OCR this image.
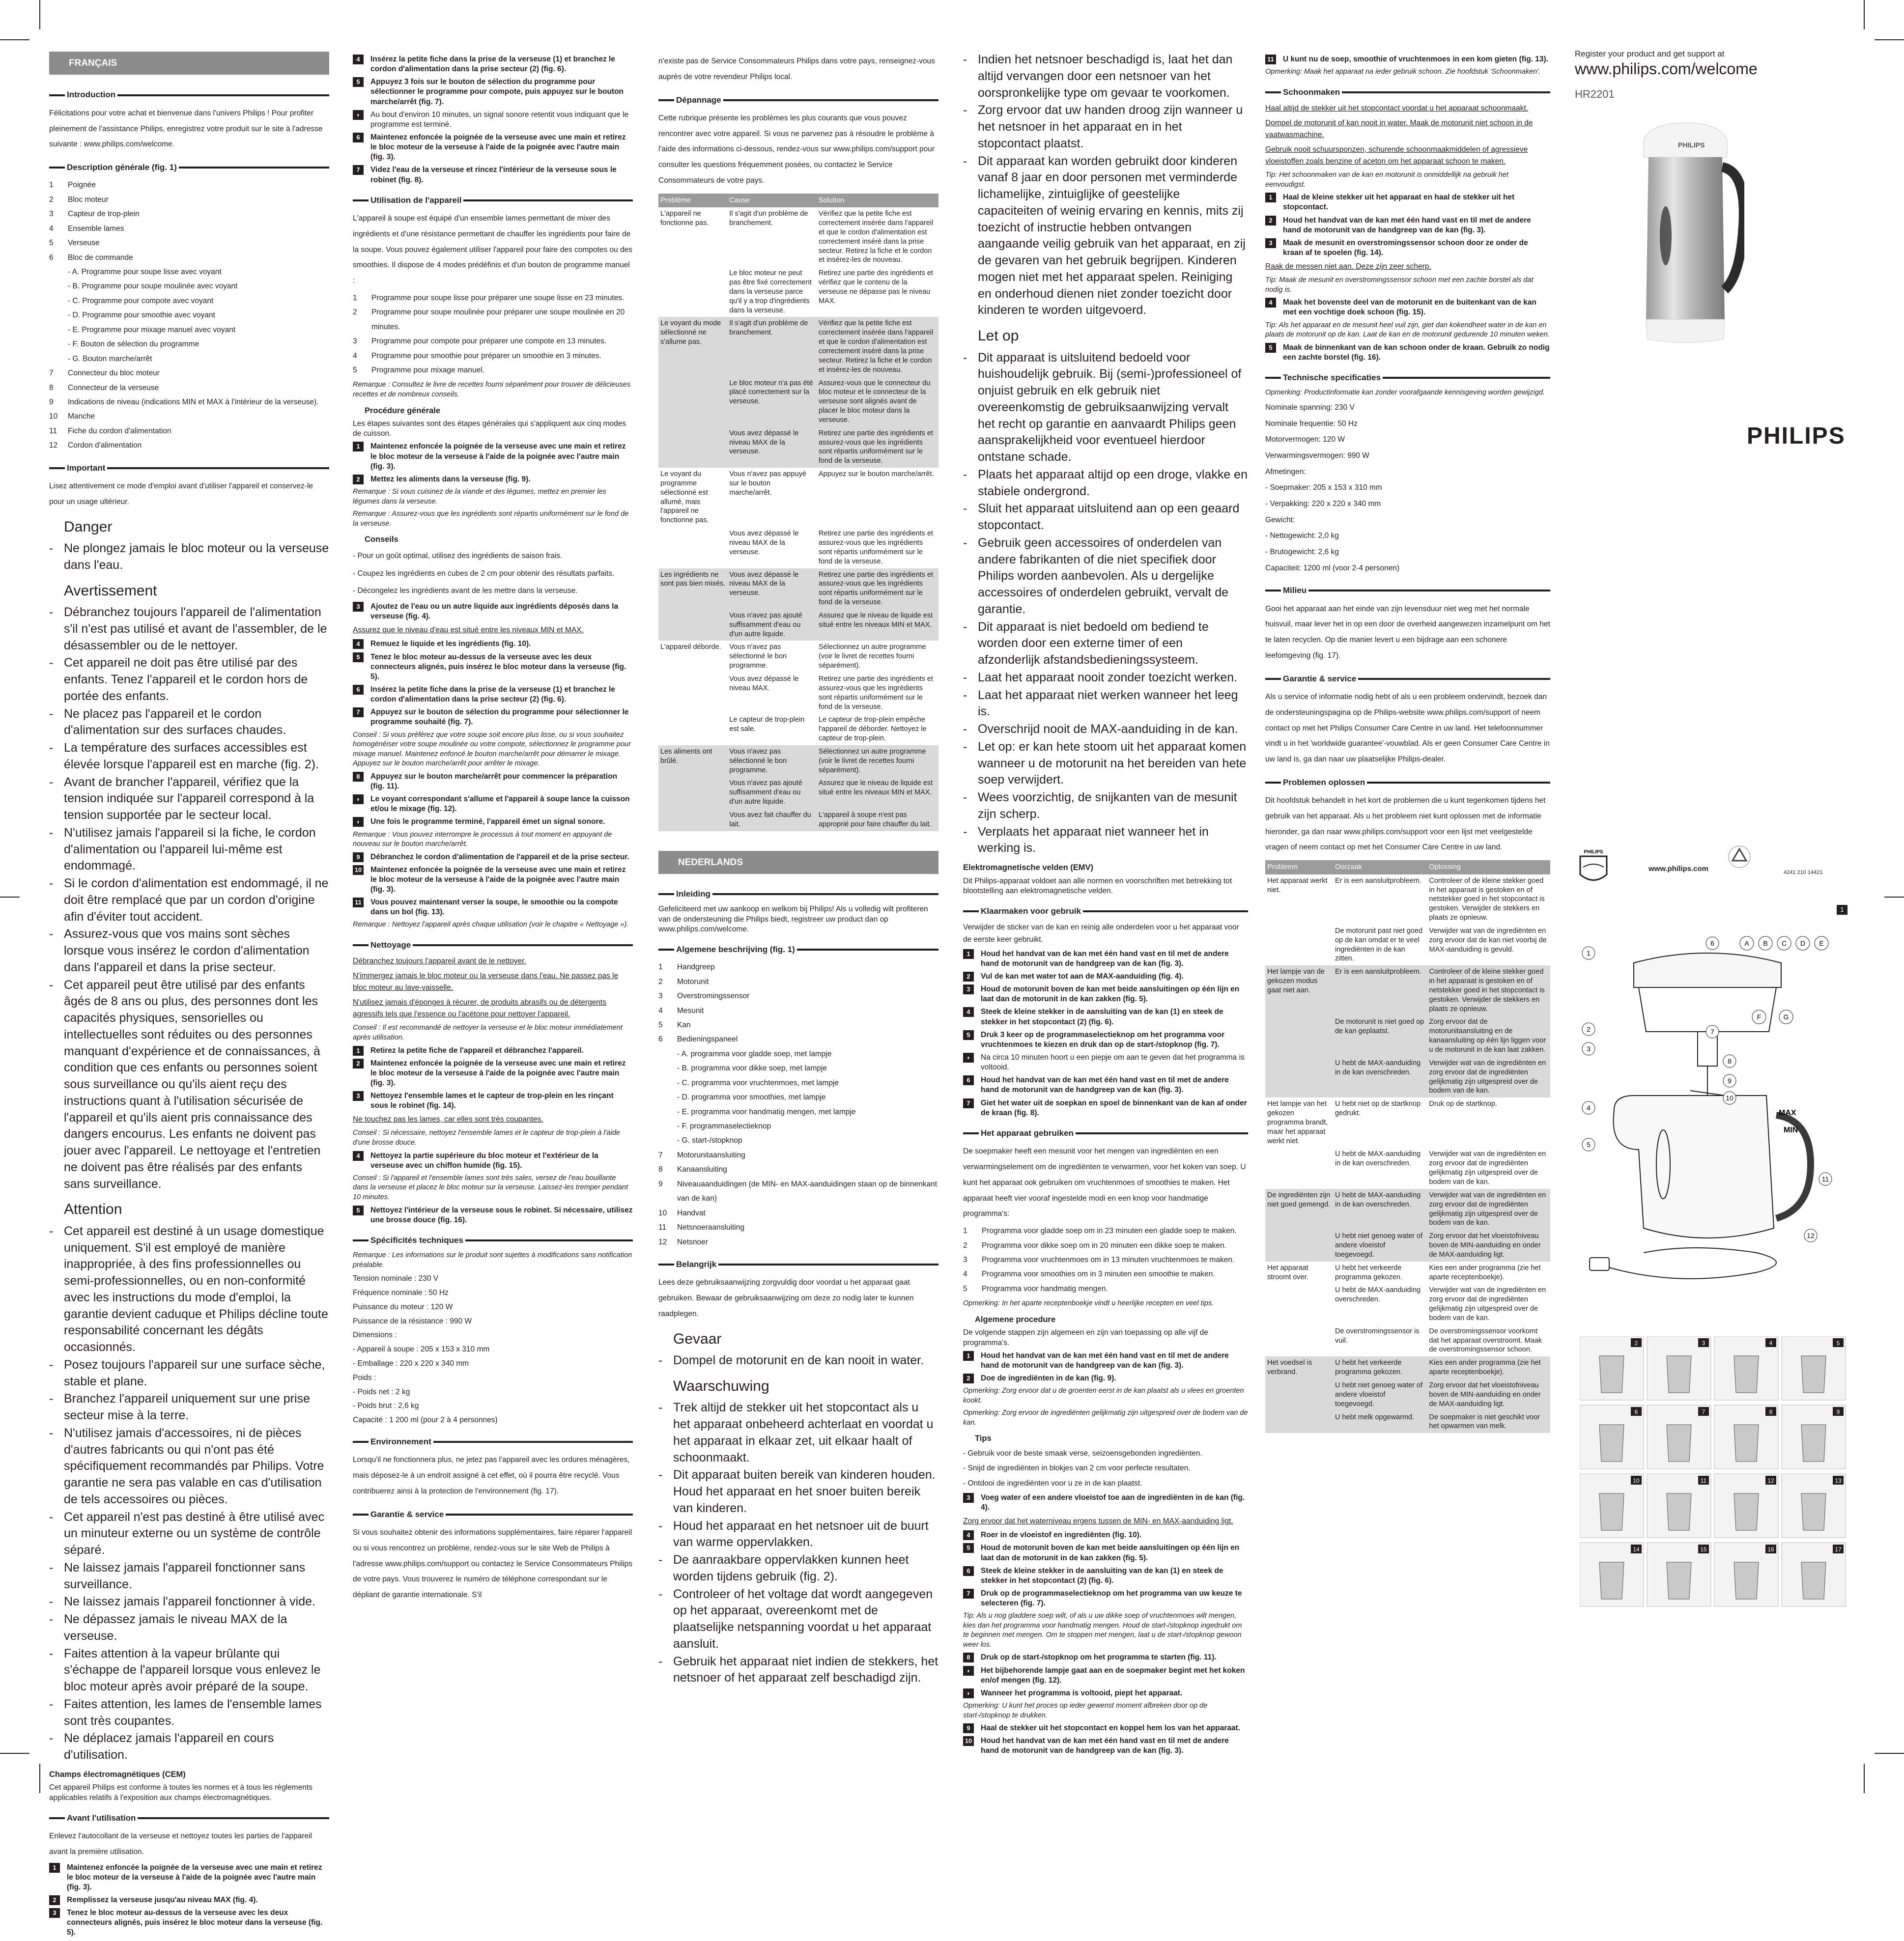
FRANÇAIS
Introduction

Félicitations pour votre achat et bienvenue dans l'univers Philips ! Pour profiter pleinement de l'assistance Philips, enregistrez votre produit sur le site à l'adresse suivante : www.philips.com/welcome.

Description générale (fig. 1)
1	Poignée
2	Bloc moteur
3	Capteur de trop-plein
4	Ensemble lames
5	Verseuse
6	Bloc de commande
- A. Programme pour soupe lisse avec voyant
- B. Programme pour soupe moulinée avec voyant
- C. Programme pour compote avec voyant
- D. Programme pour smoothie avec voyant
- E. Programme pour mixage manuel avec voyant
- F. Bouton de sélection du programme
- G. Bouton marche/arrêt
7	Connecteur du bloc moteur
8	Connecteur de la verseuse
9	Indications de niveau (indications MIN et MAX à l'intérieur de la verseuse).
10	Manche
11	Fiche du cordon d'alimentation
12	Cordon d'alimentation
Important

Lisez attentivement ce mode d'emploi avant d'utiliser l'appareil et conservez-le pour un usage ultérieur.

Danger
- Ne plongez jamais le bloc moteur ou la verseuse dans l'eau.
Avertissement
- Débranchez toujours l'appareil de l'alimentation s'il n'est pas utilisé et avant de l'assembler, de le désassembler ou de le nettoyer.
- Cet appareil ne doit pas être utilisé par des enfants. Tenez l'appareil et le cordon hors de portée des enfants.
- Ne placez pas l'appareil et le cordon d'alimentation sur des surfaces chaudes.
- La température des surfaces accessibles est élevée lorsque l'appareil est en marche (fig. 2).
- Avant de brancher l'appareil, vérifiez que la tension indiquée sur l'appareil correspond à la tension supportée par le secteur local.
- N'utilisez jamais l'appareil si la fiche, le cordon d'alimentation ou l'appareil lui-même est endommagé.
- Si le cordon d'alimentation est endommagé, il ne doit être remplacé que par un cordon d'origine afin d'éviter tout accident.
- Assurez-vous que vos mains sont sèches lorsque vous insérez le cordon d'alimentation dans l'appareil et dans la prise secteur.
- Cet appareil peut être utilisé par des enfants âgés de 8 ans ou plus, des personnes dont les capacités physiques, sensorielles ou intellectuelles sont réduites ou des personnes manquant d'expérience et de connaissances, à condition que ces enfants ou personnes soient sous surveillance ou qu'ils aient reçu des instructions quant à l'utilisation sécurisée de l'appareil et qu'ils aient pris connaissance des dangers encourus. Les enfants ne doivent pas jouer avec l'appareil. Le nettoyage et l'entretien ne doivent pas être réalisés par des enfants sans surveillance.
Attention
- Cet appareil est destiné à un usage domestique uniquement. S'il est employé de manière inappropriée, à des fins professionnelles ou semi-professionnelles, ou en non-conformité avec les instructions du mode d'emploi, la garantie devient caduque et Philips décline toute responsabilité concernant les dégâts occasionnés.
- Posez toujours l'appareil sur une surface sèche, stable et plane.
- Branchez l'appareil uniquement sur une prise secteur mise à la terre.
- N'utilisez jamais d'accessoires, ni de pièces d'autres fabricants ou qui n'ont pas été spécifiquement recommandés par Philips. Votre garantie ne sera pas valable en cas d'utilisation de tels accessoires ou pièces.
- Cet appareil n'est pas destiné à être utilisé avec un minuteur externe ou un système de contrôle séparé.
- Ne laissez jamais l'appareil fonctionner sans surveillance.
- Ne laissez jamais l'appareil fonctionner à vide.
- Ne dépassez jamais le niveau MAX de la verseuse.
- Faites attention à la vapeur brûlante qui s'échappe de l'appareil lorsque vous enlevez le bloc moteur après avoir préparé de la soupe.
- Faites attention, les lames de l'ensemble lames sont très coupantes.
- Ne déplacez jamais l'appareil en cours d'utilisation.
Champs électromagnétiques (CEM)

Cet appareil Philips est conforme à toutes les normes et à tous les règlements applicables relatifs à l'exposition aux champs électromagnétiques.

Avant l'utilisation

Enlevez l'autocollant de la verseuse et nettoyez toutes les parties de l'appareil avant la première utilisation.

1	Maintenez enfoncée la poignée de la verseuse avec une main et retirez le bloc moteur de la verseuse à l'aide de la poignée avec l'autre main (fig. 3).
2	Remplissez la verseuse jusqu'au niveau MAX (fig. 4).
3	Tenez le bloc moteur au-dessus de la verseuse avec les deux connecteurs alignés, puis insérez le bloc moteur dans la verseuse (fig. 5).
4	Insérez la petite fiche dans la prise de la verseuse (1) et branchez le cordon d'alimentation dans la prise secteur (2) (fig. 6).
5	Appuyez 3 fois sur le bouton de sélection du programme pour sélectionner le programme pour compote, puis appuyez sur le bouton marche/arrêt (fig. 7).
◗	Au bout d'environ 10 minutes, un signal sonore retentit vous indiquant que le programme est terminé.
6	Maintenez enfoncée la poignée de la verseuse avec une main et retirez le bloc moteur de la verseuse à l'aide de la poignée avec l'autre main (fig. 3).
7	Videz l'eau de la verseuse et rincez l'intérieur de la verseuse sous le robinet (fig. 8).
Utilisation de l'appareil

L'appareil à soupe est équipé d'un ensemble lames permettant de mixer des ingrédients et d'une résistance permettant de chauffer les ingrédients pour faire de la soupe. Vous pouvez également utiliser l'appareil pour faire des compotes ou des smoothies. Il dispose de 4 modes prédéfinis et d'un bouton de programme manuel :

1	Programme pour soupe lisse pour préparer une soupe lisse en 23 minutes.
2	Programme pour soupe moulinée pour préparer une soupe moulinée en 20 minutes.
3	Programme pour compote pour préparer une compote en 13 minutes.
4	Programme pour smoothie pour préparer un smoothie en 3 minutes.
5	Programme pour mixage manuel.
Remarque : Consultez le livre de recettes fourni séparément pour trouver de délicieuses recettes et de nombreux conseils.
Procédure générale

Les étapes suivantes sont des étapes générales qui s'appliquent aux cinq modes de cuisson.

1	Maintenez enfoncée la poignée de la verseuse avec une main et retirez le bloc moteur de la verseuse à l'aide de la poignée avec l'autre main (fig. 3).
2	Mettez les aliments dans la verseuse (fig. 9).
Remarque : Si vous cuisinez de la viande et des légumes, mettez en premier les légumes dans la verseuse.
Remarque : Assurez-vous que les ingrédients sont répartis uniformément sur le fond de la verseuse.
Conseils

- Pour un goût optimal, utilisez des ingrédients de saison frais.

- Coupez les ingrédients en cubes de 2 cm pour obtenir des résultats parfaits.

- Décongelez les ingrédients avant de les mettre dans la verseuse.

3	Ajoutez de l'eau ou un autre liquide aux ingrédients déposés dans la verseuse (fig. 4).
Assurez que le niveau d'eau est situé entre les niveaux MIN et MAX.
4	Remuez le liquide et les ingrédients (fig. 10).
5	Tenez le bloc moteur au-dessus de la verseuse avec les deux connecteurs alignés, puis insérez le bloc moteur dans la verseuse (fig. 5).
6	Insérez la petite fiche dans la prise de la verseuse (1) et branchez le cordon d'alimentation dans la prise secteur (2) (fig. 6).
7	Appuyez sur le bouton de sélection du programme pour sélectionner le programme souhaité (fig. 7).
Conseil : Si vous préférez que votre soupe soit encore plus lisse, ou si vous souhaitez homogénéiser votre soupe moulinée ou votre compote, sélectionnez le programme pour mixage manuel. Maintenez enfoncé le bouton marche/arrêt pour démarrer le mixage. Appuyez sur le bouton marche/arrêt pour arrêter le mixage.
8	Appuyez sur le bouton marche/arrêt pour commencer la préparation (fig. 11).
◗	Le voyant correspondant s'allume et l'appareil à soupe lance la cuisson et/ou le mixage (fig. 12).
◗	Une fois le programme terminé, l'appareil émet un signal sonore.
Remarque : Vous pouvez interrompre le processus à tout moment en appuyant de nouveau sur le bouton marche/arrêt.
9	Débranchez le cordon d'alimentation de l'appareil et de la prise secteur.
10 Maintenez enfoncée la poignée de la verseuse avec une main et retirez le bloc moteur de la verseuse à l'aide de la poignée avec l'autre main (fig. 3).
11 Vous pouvez maintenant verser la soupe, le smoothie ou la compote dans un bol (fig. 13).
Remarque : Nettoyez l'appareil après chaque utilisation (voir le chapitre « Nettoyage »).
Nettoyage
Débranchez toujours l'appareil avant de le nettoyer.
N'immergez jamais le bloc moteur ou la verseuse dans l'eau. Ne passez pas le bloc moteur au lave-vaisselle.
N'utilisez jamais d'éponges à récurer, de produits abrasifs ou de détergents agressifs tels que l'essence ou l'acétone pour nettoyer l'appareil.
Conseil : Il est recommandé de nettoyer la verseuse et le bloc moteur immédiatement après utilisation.
1	Retirez la petite fiche de l'appareil et débranchez l'appareil.
2	Maintenez enfoncée la poignée de la verseuse avec une main et retirez le bloc moteur de la verseuse à l'aide de la poignée avec l'autre main (fig. 3).
3	Nettoyez l'ensemble lames et le capteur de trop-plein en les rinçant sous le robinet (fig. 14).
Ne touchez pas les lames, car elles sont très coupantes.
Conseil : Si nécessaire, nettoyez l'ensemble lames et le capteur de trop-plein à l'aide d'une brosse douce.
4	Nettoyez la partie supérieure du bloc moteur et l'extérieur de la verseuse avec un chiffon humide (fig. 15).
Conseil : Si l'appareil et l'ensemble lames sont très sales, versez de l'eau bouillante dans la verseuse et placez le bloc moteur sur la verseuse. Laissez-les tremper pendant 10 minutes.
5	Nettoyez l'intérieur de la verseuse sous le robinet. Si nécessaire, utilisez une brosse douce (fig. 16).
Spécificités techniques
Remarque : Les informations sur le produit sont sujettes à modifications sans notification préalable.

Tension nominale : 230 V

Fréquence nominale : 50 Hz

Puissance du moteur : 120 W

Puissance de la résistance : 990 W

Dimensions :

- Appareil à soupe : 205 x 153 x 310 mm

- Emballage : 220 x 220 x 340 mm

Poids :

- Poids net : 2 kg

- Poids brut : 2,6 kg

Capacité : 1 200 ml (pour 2 à 4 personnes)

Environnement

Lorsqu'il ne fonctionnera plus, ne jetez pas l'appareil avec les ordures ménagères, mais déposez-le à un endroit assigné à cet effet, où il pourra être recyclé. Vous contribuerez ainsi à la protection de l'environnement (fig. 17).

Garantie & service

Si vous souhaitez obtenir des informations supplémentaires, faire réparer l'appareil ou si vous rencontrez un problème, rendez-vous sur le site Web de Philips à l'adresse www.philips.com/support ou contactez le Service Consommateurs Philips de votre pays. Vous trouverez le numéro de téléphone correspondant sur le dépliant de garantie internationale. S'il

n'existe pas de Service Consommateurs Philips dans votre pays, renseignez-vous auprès de votre revendeur Philips local.

Dépannage

Cette rubrique présente les problèmes les plus courants que vous pouvez rencontrer avec votre appareil. Si vous ne parvenez pas à résoudre le problème à l'aide des informations ci-dessous, rendez-vous sur www.philips.com/support pour consulter les questions fréquemment posées, ou contactez le Service Consommateurs de votre pays.

Problème	Cause	Solution
L'appareil ne fonctionne pas.	Il s'agit d'un problème de branchement.	Vérifiez que la petite fiche est correctement insérée dans l'appareil et que le cordon d'alimentation est correctement inséré dans la prise secteur. Retirez la fiche et le cordon et insérez-les de nouveau.
	Le bloc moteur ne peut pas être fixé correctement dans la verseuse parce qu'il y a trop d'ingrédients dans la verseuse.	Retirez une partie des ingrédients et vérifiez que le contenu de la verseuse ne dépasse pas le niveau MAX.
Le voyant du mode sélectionné ne s'allume pas.	Il s'agit d'un problème de branchement.	Vérifiez que la petite fiche est correctement insérée dans l'appareil et que le cordon d'alimentation est correctement inséré dans la prise secteur. Retirez la fiche et le cordon et insérez-les de nouveau.
	Le bloc moteur n'a pas été placé correctement sur la verseuse.	Assurez-vous que le connecteur du bloc moteur et le connecteur de la verseuse sont alignés avant de placer le bloc moteur dans la verseuse.
	Vous avez dépassé le niveau MAX de la verseuse.	Retirez une partie des ingrédients et assurez-vous que les ingrédients sont répartis uniformément sur le fond de la verseuse.
Le voyant du programme sélectionné est allumé, mais l'appareil ne fonctionne pas.	Vous n'avez pas appuyé sur le bouton marche/arrêt.	Appuyez sur le bouton marche/arrêt.
	Vous avez dépassé le niveau MAX de la verseuse.	Retirez une partie des ingrédients et assurez-vous que les ingrédients sont répartis uniformément sur le fond de la verseuse.
Les ingrédients ne sont pas bien mixés.	Vous avez dépassé le niveau MAX de la verseuse.	Retirez une partie des ingrédients et assurez-vous que les ingrédients sont répartis uniformément sur le fond de la verseuse.
	Vous n'avez pas ajouté suffisamment d'eau ou d'un autre liquide.	Assurez que le niveau de liquide est situé entre les niveaux MIN et MAX.
L'appareil déborde.	Vous n'avez pas sélectionné le bon programme.	Sélectionnez un autre programme (voir le livret de recettes fourni séparément).
	Vous avez dépassé le niveau MAX.	Retirez une partie des ingrédients et assurez-vous que les ingrédients sont répartis uniformément sur le fond de la verseuse.
	Le capteur de trop-plein est sale.	Le capteur de trop-plein empêche l'appareil de déborder. Nettoyez le capteur de trop-plein.
Les aliments ont brûlé.	Vous n'avez pas sélectionné le bon programme.	Sélectionnez un autre programme (voir le livret de recettes fourni séparément).
	Vous n'avez pas ajouté suffisamment d'eau ou d'un autre liquide.	Assurez que le niveau de liquide est situé entre les niveaux MIN et MAX.
	Vous avez fait chauffer du lait.	L'appareil à soupe n'est pas approprié pour faire chauffer du lait.
NEDERLANDS
Inleiding

Gefeliciteerd met uw aankoop en welkom bij Philips! Als u volledig wilt profiteren van de ondersteuning die Philips biedt, registreer uw product dan op www.philips.com/welcome.

Algemene beschrijving (fig. 1)
1	Handgreep
2	Motorunit
3	Overstromingssensor
4	Mesunit
5	Kan
6	Bedieningspaneel
- A. programma voor gladde soep, met lampje
- B. programma voor dikke soep, met lampje
- C. programma voor vruchtenmoes, met lampje
- D. programma voor smoothies, met lampje
- E. programma voor handmatig mengen, met lampje
- F. programmaselectieknop
- G. start-/stopknop
7	Motorunitaansluiting
8	Kanaansluiting
9	Niveauaanduidingen (de MIN- en MAX-aanduidingen staan op de binnenkant van de kan)
10	Handvat
11	Netsnoeraansluiting
12	Netsnoer
Belangrijk

Lees deze gebruiksaanwijzing zorgvuldig door voordat u het apparaat gaat gebruiken. Bewaar de gebruiksaanwijzing om deze zo nodig later te kunnen raadplegen.

Gevaar
- Dompel de motorunit en de kan nooit in water.
Waarschuwing
- Trek altijd de stekker uit het stopcontact als u het apparaat onbeheerd achterlaat en voordat u het apparaat in elkaar zet, uit elkaar haalt of schoonmaakt.
- Dit apparaat buiten bereik van kinderen houden. Houd het apparaat en het snoer buiten bereik van kinderen.
- Houd het apparaat en het netsnoer uit de buurt van warme oppervlakken.
- De aanraakbare oppervlakken kunnen heet worden tijdens gebruik (fig. 2).
- Controleer of het voltage dat wordt aangegeven op het apparaat, overeenkomt met de plaatselijke netspanning voordat u het apparaat aansluit.
- Gebruik het apparaat niet indien de stekkers, het netsnoer of het apparaat zelf beschadigd zijn.
- Indien het netsnoer beschadigd is, laat het dan altijd vervangen door een netsnoer van het oorspronkelijke type om gevaar te voorkomen.
- Zorg ervoor dat uw handen droog zijn wanneer u het netsnoer in het apparaat en in het stopcontact plaatst.
- Dit apparaat kan worden gebruikt door kinderen vanaf 8 jaar en door personen met verminderde lichamelijke, zintuiglijke of geestelijke capaciteiten of weinig ervaring en kennis, mits zij toezicht of instructie hebben ontvangen aangaande veilig gebruik van het apparaat, en zij de gevaren van het gebruik begrijpen. Kinderen mogen niet met het apparaat spelen. Reiniging en onderhoud dienen niet zonder toezicht door kinderen te worden uitgevoerd.
Let op
- Dit apparaat is uitsluitend bedoeld voor huishoudelijk gebruik. Bij (semi-)professioneel of onjuist gebruik en elk gebruik niet overeenkomstig de gebruiksaanwijzing vervalt het recht op garantie en aanvaardt Philips geen aansprakelijkheid voor eventueel hierdoor ontstane schade.
- Plaats het apparaat altijd op een droge, vlakke en stabiele ondergrond.
- Sluit het apparaat uitsluitend aan op een geaard stopcontact.
- Gebruik geen accessoires of onderdelen van andere fabrikanten of die niet specifiek door Philips worden aanbevolen. Als u dergelijke accessoires of onderdelen gebruikt, vervalt de garantie.
- Dit apparaat is niet bedoeld om bediend te worden door een externe timer of een afzonderlijk afstandsbedieningssysteem.
- Laat het apparaat nooit zonder toezicht werken.
- Laat het apparaat niet werken wanneer het leeg is.
- Overschrijd nooit de MAX-aanduiding in de kan.
- Let op: er kan hete stoom uit het apparaat komen wanneer u de motorunit na het bereiden van hete soep verwijdert.
- Wees voorzichtig, de snijkanten van de mesunit zijn scherp.
- Verplaats het apparaat niet wanneer het in werking is.
Elektromagnetische velden (EMV)

Dit Philips-apparaat voldoet aan alle normen en voorschriften met betrekking tot blootstelling aan elektromagnetische velden.

Klaarmaken voor gebruik

Verwijder de sticker van de kan en reinig alle onderdelen voor u het apparaat voor de eerste keer gebruikt.

1	Houd het handvat van de kan met één hand vast en til met de andere hand de motorunit van de handgreep van de kan (fig. 3).
2	Vul de kan met water tot aan de MAX-aanduiding (fig. 4).
3	Houd de motorunit boven de kan met beide aansluitingen op één lijn en laat dan de motorunit in de kan zakken (fig. 5).
4	Steek de kleine stekker in de aansluiting van de kan (1) en steek de stekker in het stopcontact (2) (fig. 6).
5	Druk 3 keer op de programmaselectieknop om het programma voor vruchtenmoes te kiezen en druk dan op de start-/stopknop (fig. 7).
◗	Na circa 10 minuten hoort u een piepje om aan te geven dat het programma is voltooid.
6	Houd het handvat van de kan met één hand vast en til met de andere hand de motorunit van de handgreep van de kan (fig. 3).
7	Giet het water uit de soepkan en spoel de binnenkant van de kan af onder de kraan (fig. 8).
Het apparaat gebruiken

De soepmaker heeft een mesunit voor het mengen van ingrediënten en een verwarmingselement om de ingrediënten te verwarmen, voor het koken van soep. U kunt het apparaat ook gebruiken om vruchtenmoes of smoothies te maken. Het apparaat heeft vier vooraf ingestelde modi en een knop voor handmatige programma's:

1	Programma voor gladde soep om in 23 minuten een gladde soep te maken.
2	Programma voor dikke soep om in 20 minuten een dikke soep te maken.
3	Programma voor vruchtenmoes om in 13 minuten vruchtenmoes te maken.
4	Programma voor smoothies om in 3 minuten een smoothie te maken.
5	Programma voor handmatig mengen.
Opmerking: In het aparte receptenboekje vindt u heerlijke recepten en veel tips.
Algemene procedure

De volgende stappen zijn algemeen en zijn van toepassing op alle vijf de programma's.

1	Houd het handvat van de kan met één hand vast en til met de andere hand de motorunit van de handgreep van de kan (fig. 3).
2	Doe de ingrediënten in de kan (fig. 9).
Opmerking: Zorg ervoor dat u de groenten eerst in de kan plaatst als u vlees en groenten kookt.
Opmerking: Zorg ervoor de ingrediënten gelijkmatig zijn uitgespreid over de bodem van de kan.
Tips

- Gebruik voor de beste smaak verse, seizoensgebonden ingrediënten.

- Snijd de ingrediënten in blokjes van 2 cm voor perfecte resultaten.

- Ontdooi de ingrediënten voor u ze in de kan plaatst.

3	Voeg water of een andere vloeistof toe aan de ingrediënten in de kan (fig. 4).
Zorg ervoor dat het waterniveau ergens tussen de MIN- en MAX-aanduiding ligt.
4	Roer in de vloeistof en ingrediënten (fig. 10).
5	Houd de motorunit boven de kan met beide aansluitingen op één lijn en laat dan de motorunit in de kan zakken (fig. 5).
6	Steek de kleine stekker in de aansluiting van de kan (1) en steek de stekker in het stopcontact (2) (fig. 6).
7	Druk op de programmaselectieknop om het programma van uw keuze te selecteren (fig. 7).
Tip: Als u nog gladdere soep wilt, of als u uw dikke soep of vruchtenmoes wilt mengen, kies dan het programma voor handmatig mengen. Houd de start-/stopknop ingedrukt om te beginnen met mengen. Om te stoppen met mengen, laat u de start-/stopknop gewoon weer los.
8	Druk op de start-/stopknop om het programma te starten (fig. 11).
◗	Het bijbehorende lampje gaat aan en de soepmaker begint met het koken en/of mengen (fig. 12).
◗	Wanneer het programma is voltooid, piept het apparaat.
Opmerking: U kunt het proces op ieder gewenst moment afbreken door op de start-/stopknop te drukken.
9	Haal de stekker uit het stopcontact en koppel hem los van het apparaat.
10 Houd het handvat van de kan met één hand vast en til met de andere hand de motorunit van de handgreep van de kan (fig. 3).
11 U kunt nu de soep, smoothie of vruchtenmoes in een kom gieten (fig. 13).
Opmerking: Maak het apparaat na ieder gebruik schoon. Zie hoofdstuk 'Schoonmaken'.
Schoonmaken
Haal altijd de stekker uit het stopcontact voordat u het apparaat schoonmaakt.
Dompel de motorunit of kan nooit in water. Maak de motorunit niet schoon in de vaatwasmachine.
Gebruik nooit schuursponzen, schurende schoonmaakmiddelen of agressieve vloeistoffen zoals benzine of aceton om het apparaat schoon te maken.
Tip: Het schoonmaken van de kan en motorunit is onmiddellijk na gebruik het eenvoudigst.
1	Haal de kleine stekker uit het apparaat en haal de stekker uit het stopcontact.
2	Houd het handvat van de kan met één hand vast en til met de andere hand de motorunit van de handgreep van de kan (fig. 3).
3	Maak de mesunit en overstromingssensor schoon door ze onder de kraan af te spoelen (fig. 14).
Raak de messen niet aan. Deze zijn zeer scherp.
Tip: Maak de mesunit en overstromingssensor schoon met een zachte borstel als dat nodig is.
4	Maak het bovenste deel van de motorunit en de buitenkant van de kan met een vochtige doek schoon (fig. 15).
Tip: Als het apparaat en de mesunit heel vuil zijn, giet dan kokendheet water in de kan en plaats de motorunit op de kan. Laat de kan en de motorunit gedurende 10 minuten weken.
5	Maak de binnenkant van de kan schoon onder de kraan. Gebruik zo nodig een zachte borstel (fig. 16).
Technische specificaties
Opmerking: Productinformatie kan zonder voorafgaande kennisgeving worden gewijzigd.

Nominale spanning: 230 V

Nominale frequentie: 50 Hz

Motorvermogen: 120 W

Verwarmingsvermogen: 990 W

Afmetingen:

- Soepmaker: 205 x 153 x 310 mm

- Verpakking: 220 x 220 x 340 mm

Gewicht:

- Nettogewicht: 2,0 kg

- Brutogewicht: 2,6 kg

Capaciteit: 1200 ml (voor 2-4 personen)

Milieu

Gooi het apparaat aan het einde van zijn levensduur niet weg met het normale huisvuil, maar lever het in op een door de overheid aangewezen inzamelpunt om het te laten recyclen. Op die manier levert u een bijdrage aan een schonere leefomgeving (fig. 17).

Garantie & service

Als u service of informatie nodig hebt of als u een probleem ondervindt, bezoek dan de ondersteuningspagina op de Philips-website www.philips.com/support of neem contact op met het Philips Consumer Care Centre in uw land. Het telefoonnummer vindt u in het 'worldwide guarantee'-vouwblad. Als er geen Consumer Care Centre in uw land is, ga dan naar uw plaatselijke Philips-dealer.

Problemen oplossen

Dit hoofdstuk behandelt in het kort de problemen die u kunt tegenkomen tijdens het gebruik van het apparaat. Als u het probleem niet kunt oplossen met de informatie hieronder, ga dan naar www.philips.com/support voor een lijst met veelgestelde vragen of neem contact op met het Consumer Care Centre in uw land.

Probleem	Oorzaak	Oplossing
Het apparaat werkt niet.	Er is een aansluitprobleem.	Controleer of de kleine stekker goed in het apparaat is gestoken en of netstekker goed in het stopcontact is gestoken. Verwijder de stekkers en plaats ze opnieuw.
	De motorunit past niet goed op de kan omdat er te veel ingrediënten in de kan zitten.	Verwijder wat van de ingrediënten en zorg ervoor dat de kan niet voorbij de MAX-aanduiding is gevuld.
Het lampje van de gekozen modus gaat niet aan.	Er is een aansluitprobleem.	Controleer of de kleine stekker goed in het apparaat is gestoken en of netstekker goed in het stopcontact is gestoken. Verwijder de stekkers en plaats ze opnieuw.
	De motorunit is niet goed op de kan geplaatst.	Zorg ervoor dat de motorunitaansluiting en de kanaansluiting op één lijn liggen voor u de motorunit in de kan laat zakken.
	U hebt de MAX-aanduiding in de kan overschreden.	Verwijder wat van de ingrediënten en zorg ervoor dat de ingrediënten gelijkmatig zijn uitgespreid over de bodem van de kan.
Het lampje van het gekozen programma brandt, maar het apparaat werkt niet.	U hebt niet op de startknop gedrukt.	Druk op de startknop.
	U hebt de MAX-aanduiding in de kan overschreden.	Verwijder wat van de ingrediënten en zorg ervoor dat de ingrediënten gelijkmatig zijn uitgespreid over de bodem van de kan.
De ingrediënten zijn niet goed gemengd.	U hebt de MAX-aanduiding in de kan overschreden.	Verwijder wat van de ingrediënten en zorg ervoor dat de ingrediënten gelijkmatig zijn uitgespreid over de bodem van de kan.
	U hebt niet genoeg water of andere vloeistof toegevoegd.	Zorg ervoor dat het vloeistofniveau boven de MIN-aanduiding en onder de MAX-aanduiding ligt.
Het apparaat stroomt over.	U hebt het verkeerde programma gekozen.	Kies een ander programma (zie het aparte receptenboekje).
	U hebt de MAX-aanduiding overschreden.	Verwijder wat van de ingrediënten en zorg ervoor dat de ingrediënten gelijkmatig zijn uitgespreid over de bodem van de kan.
	De overstromingssensor is vuil.	De overstromingssensor voorkomt dat het apparaat overstroomt. Maak de overstromingssensor schoon.
Het voedsel is verbrand.	U hebt het verkeerde programma gekozen.	Kies een ander programma (zie het aparte receptenboekje).
	U hebt niet genoeg water of andere vloeistof toegevoegd.	Zorg ervoor dat het vloeistofniveau boven de MIN-aanduiding en onder de MAX-aanduiding ligt.
	U hebt melk opgewarmd.	De soepmaker is niet geschikt voor het opwarmen van melk.
Register your product and get support at
www.philips.com/welcome
HR2201
PHILIPS
PHILIPS
PHILIPS
www.philips.com	4241 210 14421
1
MAX
MIN
A B C D E
F	G
1
2
3
4
5
6
7
8
9
10
11
12
2	3	4	5
6	7	8	9
10	11	12	13
14	15	16	17
